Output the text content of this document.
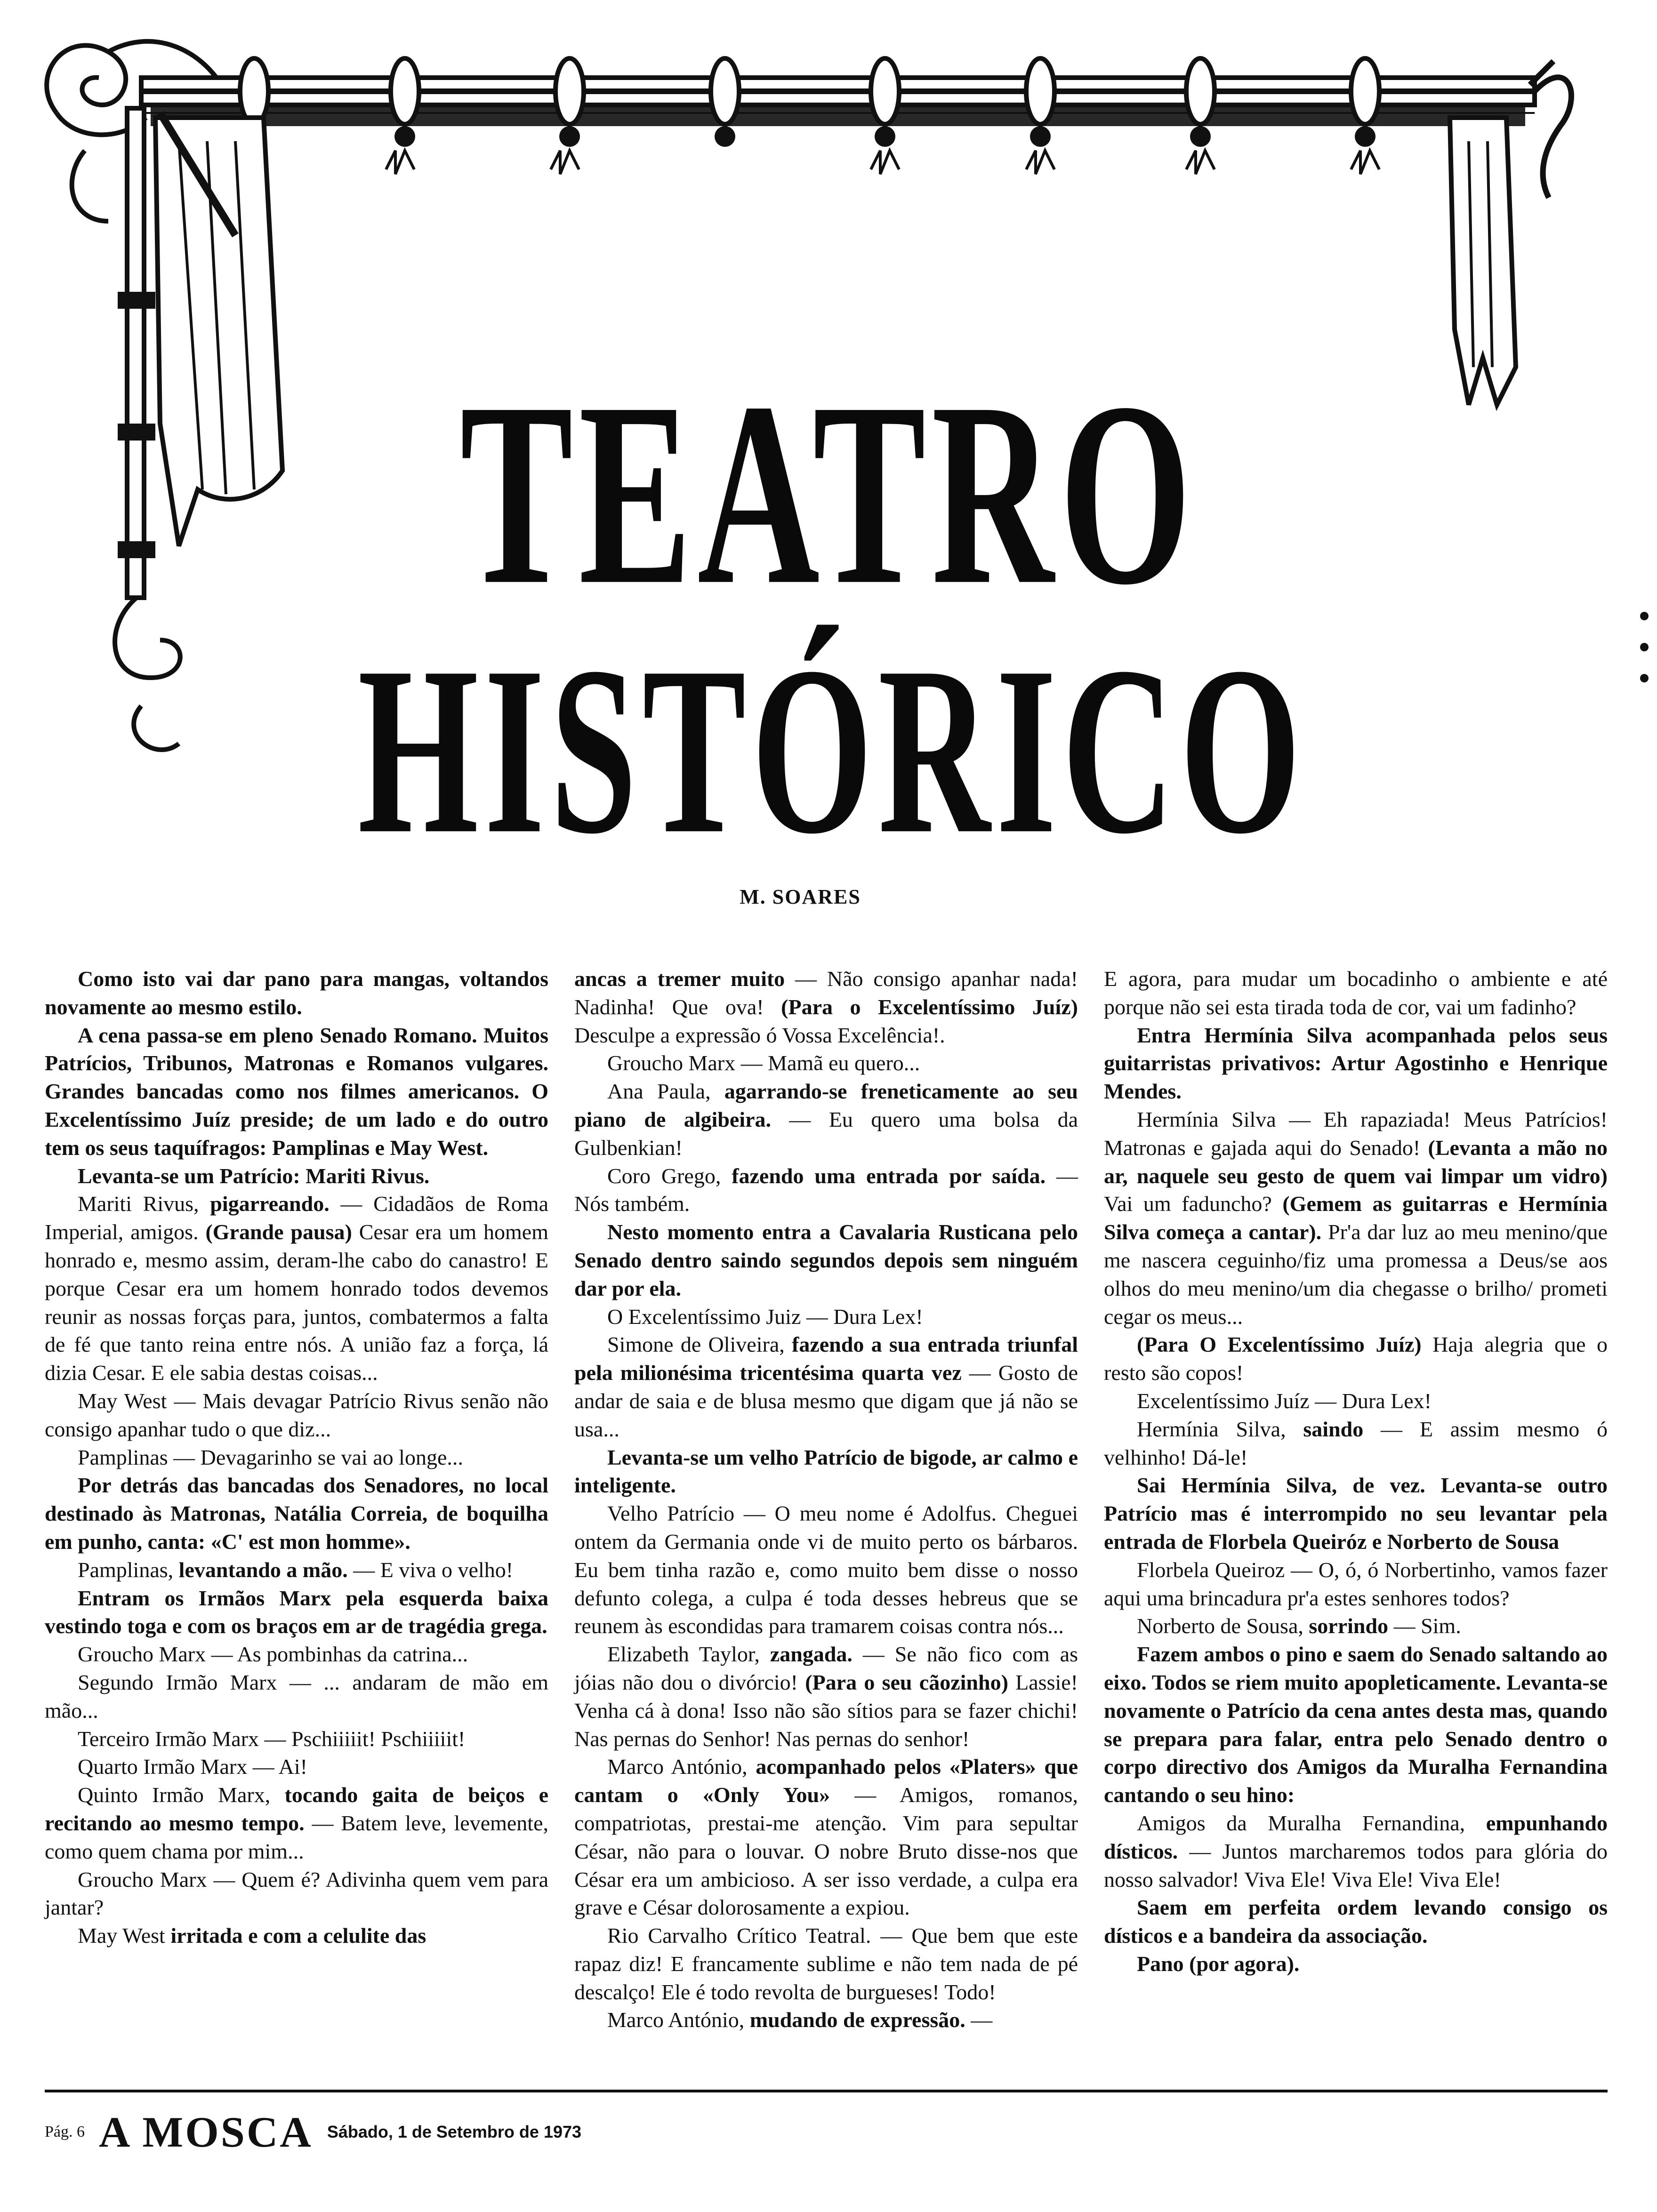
TEATRO
HISTÓRICO
M. SOARES

Como isto vai dar pano para mangas, voltandos novamente ao mesmo estilo.

A cena passa-se em pleno Senado Romano. Muitos Patrícios, Tribunos, Matronas e Romanos vulgares. Grandes bancadas como nos filmes americanos. O Excelentíssimo Juíz preside; de um lado e do outro tem os seus taquífragos: Pamplinas e May West.

Levanta-se um Patrício: Mariti Rivus.

Mariti Rivus, pigarreando. — Cidadãos de Roma Imperial, amigos. (Grande pausa) Cesar era um homem honrado e, mesmo assim, deram-lhe cabo do canastro! E porque Cesar era um homem honrado todos devemos reunir as nossas forças para, juntos, combatermos a falta de fé que tanto reina entre nós. A união faz a força, lá dizia Cesar. E ele sabia destas coisas...

May West — Mais devagar Patrício Rivus senão não consigo apanhar tudo o que diz...

Pamplinas — Devagarinho se vai ao longe...

Por detrás das bancadas dos Senadores, no local destinado às Matronas, Natália Correia, de boquilha em punho, canta: «C' est mon homme».

Pamplinas, levantando a mão. — E viva o velho!

Entram os Irmãos Marx pela esquerda baixa vestindo toga e com os braços em ar de tragédia grega.

Groucho Marx — As pombinhas da catrina...

Segundo Irmão Marx — ... andaram de mão em mão...

Terceiro Irmão Marx — Pschiiiiit! Pschiiiiit!

Quarto Irmão Marx — Ai!

Quinto Irmão Marx, tocando gaita de beiços e recitando ao mesmo tempo. — Batem leve, levemente, como quem chama por mim...

Groucho Marx — Quem é? Adivinha quem vem para jantar?

May West irritada e com a celulite das

ancas a tremer muito — Não consigo apanhar nada! Nadinha! Que ova! (Para o Excelentíssimo Juíz) Desculpe a expressão ó Vossa Excelência!.

Groucho Marx — Mamã eu quero...

Ana Paula, agarrando-se freneticamente ao seu piano de algibeira. — Eu quero uma bolsa da Gulbenkian!

Coro Grego, fazendo uma entrada por saída. — Nós também.

Nesto momento entra a Cavalaria Rusticana pelo Senado dentro saindo segundos depois sem ninguém dar por ela.

O Excelentíssimo Juiz — Dura Lex!

Simone de Oliveira, fazendo a sua entrada triunfal pela milionésima tricentésima quarta vez — Gosto de andar de saia e de blusa mesmo que digam que já não se usa...

Levanta-se um velho Patrício de bigode, ar calmo e inteligente.

Velho Patrício — O meu nome é Adolfus. Cheguei ontem da Germania onde vi de muito perto os bárbaros. Eu bem tinha razão e, como muito bem disse o nosso defunto colega, a culpa é toda desses hebreus que se reunem às escondidas para tramarem coisas contra nós...

Elizabeth Taylor, zangada. — Se não fico com as jóias não dou o divórcio! (Para o seu cãozinho) Lassie! Venha cá à dona! Isso não são sítios para se fazer chichi! Nas pernas do Senhor! Nas pernas do senhor!

Marco António, acompanhado pelos «Platers» que cantam o «Only You» — Amigos, romanos, compatriotas, prestai-me atenção. Vim para sepultar César, não para o louvar. O nobre Bruto disse-nos que César era um ambicioso. A ser isso verdade, a culpa era grave e César dolorosamente a expiou.

Rio Carvalho Crítico Teatral. — Que bem que este rapaz diz! E francamente sublime e não tem nada de pé descalço! Ele é todo revolta de burgueses! Todo!

Marco António, mudando de expressão. —

E agora, para mudar um bocadinho o ambiente e até porque não sei esta tirada toda de cor, vai um fadinho?

Entra Hermínia Silva acompanhada pelos seus guitarristas privativos: Artur Agostinho e Henrique Mendes.

Hermínia Silva — Eh rapaziada! Meus Patrícios! Matronas e gajada aqui do Senado! (Levanta a mão no ar, naquele seu gesto de quem vai limpar um vidro) Vai um faduncho? (Gemem as guitarras e Hermínia Silva começa a cantar). Pr'a dar luz ao meu menino/que me nascera ceguinho/fiz uma promessa a Deus/se aos olhos do meu menino/um dia chegasse o brilho/ prometi cegar os meus...

(Para O Excelentíssimo Juíz) Haja alegria que o resto são copos!

Excelentíssimo Juíz — Dura Lex!

Hermínia Silva, saindo — E assim mesmo ó velhinho! Dá-le!

Sai Hermínia Silva, de vez. Levanta-se outro Patrício mas é interrompido no seu levantar pela entrada de Florbela Queiróz e Norberto de Sousa

Florbela Queiroz — O, ó, ó Norbertinho, vamos fazer aqui uma brincadura pr'a estes senhores todos?

Norberto de Sousa, sorrindo — Sim.

Fazem ambos o pino e saem do Senado saltando ao eixo. Todos se riem muito apopleticamente. Levanta-se novamente o Patrício da cena antes desta mas, quando se prepara para falar, entra pelo Senado dentro o corpo directivo dos Amigos da Muralha Fernandina cantando o seu hino:

Amigos da Muralha Fernandina, empunhando dísticos. — Juntos marcharemos todos para glória do nosso salvador! Viva Ele! Viva Ele! Viva Ele!

Saem em perfeita ordem levando consigo os dísticos e a bandeira da associação.

Pano (por agora).

Pág. 6 A MOSCA Sábado, 1 de Setembro de 1973
